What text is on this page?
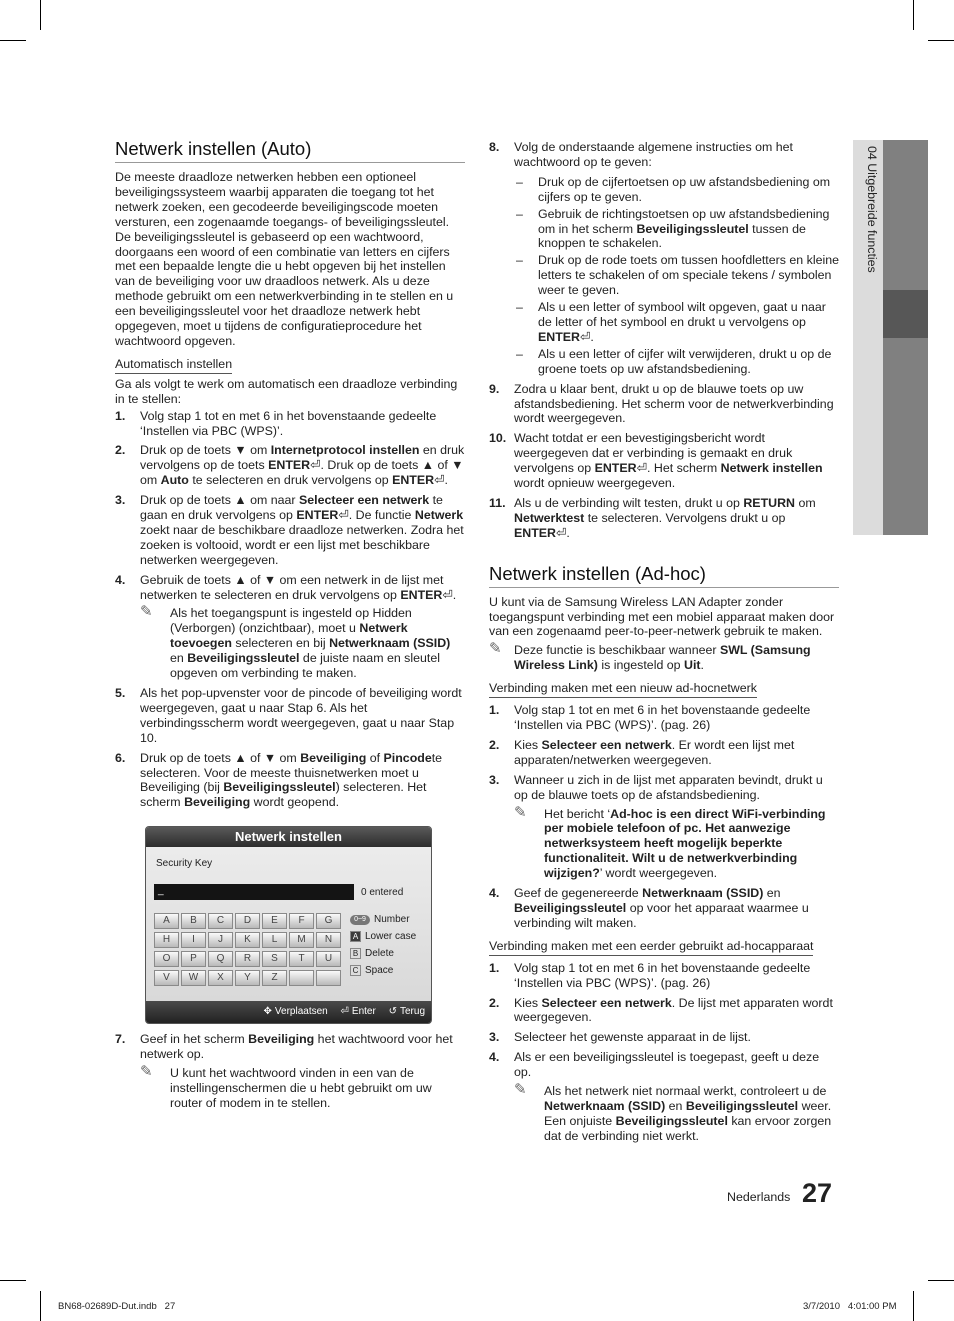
04 Uitgebreide functies
Netwerk instellen (Auto)

De meeste draadloze netwerken hebben een optioneel beveiligingssysteem waarbij apparaten die toegang tot het netwerk zoeken, een gecodeerde beveiligingscode moeten versturen, een zogenaamde toegangs- of beveiligingssleutel. De beveiligingssleutel is gebaseerd op een wachtwoord, doorgaans een woord of een combinatie van letters en cijfers met een bepaalde lengte die u hebt opgeven bij het instellen van de beveiliging voor uw draadloos netwerk. Als u deze methode gebruikt om een netwerkverbinding in te stellen en u een beveiligingssleutel voor het draadloze netwerk hebt opgegeven, moet u tijdens de configuratieprocedure het wachtwoord opgeven.

Automatisch instellen

Ga als volgt te werk om automatisch een draadloze verbinding in te stellen:

1. Volg stap 1 tot en met 6 in het bovenstaande gedeelte ‘Instellen via PBC (WPS)’.
2. Druk op de toets ▼ om Internetprotocol instellen en druk vervolgens op de toets ENTER⏎. Druk op de toets ▲ of ▼ om Auto te selecteren en druk vervolgens op ENTER⏎.
3. Druk op de toets ▲ om naar Selecteer een netwerk te gaan en druk vervolgens op ENTER⏎. De functie Netwerk zoekt naar de beschikbare draadloze netwerken. Zodra het zoeken is voltooid, wordt er een lijst met beschikbare netwerken weergegeven.
4. Gebruik de toets ▲ of ▼ om een netwerk in de lijst met netwerken te selecteren en druk vervolgens op ENTER⏎.
✎ Als het toegangspunt is ingesteld op Hidden (Verborgen) (onzichtbaar), moet u Netwerk toevoegen selecteren en bij Netwerknaam (SSID) en Beveiligingssleutel de juiste naam en sleutel opgeven om verbinding te maken.
5. Als het pop-upvenster voor de pincode of beveiliging wordt weergegeven, gaat u naar Stap 6. Als het verbindingsscherm wordt weergegeven, gaat u naar Stap 10.
6. Druk op de toets ▲ of ▼ om Beveiliging of Pincodete selecteren. Voor de meeste thuisnetwerken moet u Beveiliging (bij Beveiligingssleutel) selecteren. Het scherm Beveiliging wordt geopend.
Netwerk instellen
Security Key
_	0 entered
A	B	C	D	E	F	G
H	I	J	K	L	M	N
O	P	Q	R	S	T	U
V	W	X	Y	Z
0~9 Number
A Lower case
B Delete
C Space
✥ Verplaatsen ⏎ Enter ↺ Terug
7. Geef in het scherm Beveiliging het wachtwoord voor het netwerk op.
✎ U kunt het wachtwoord vinden in een van de instellingenschermen die u hebt gebruikt om uw router of modem in te stellen.
8. Volg de onderstaande algemene instructies om het wachtwoord op te geven:
– Druk op de cijfertoetsen op uw afstandsbediening om cijfers op te geven.
– Gebruik de richtingstoetsen op uw afstandsbediening om in het scherm Beveiligingssleutel tussen de knoppen te schakelen.
– Druk op de rode toets om tussen hoofdletters en kleine letters te schakelen of om speciale tekens / symbolen weer te geven.
– Als u een letter of symbool wilt opgeven, gaat u naar de letter of het symbool en drukt u vervolgens op ENTER⏎.
– Als u een letter of cijfer wilt verwijderen, drukt u op de groene toets op uw afstandsbediening.
9. Zodra u klaar bent, drukt u op de blauwe toets op uw afstandsbediening. Het scherm voor de netwerkverbinding wordt weergegeven.
10. Wacht totdat er een bevestigingsbericht wordt weergegeven dat er verbinding is gemaakt en druk vervolgens op ENTER⏎. Het scherm Netwerk instellen wordt opnieuw weergegeven.
11. Als u de verbinding wilt testen, drukt u op RETURN om Netwerktest te selecteren. Vervolgens drukt u op ENTER⏎.
Netwerk instellen (Ad-hoc)

U kunt via de Samsung Wireless LAN Adapter zonder toegangspunt verbinding met een mobiel apparaat maken door van een zogenaamd peer-to-peer-netwerk gebruik te maken.

✎ Deze functie is beschikbaar wanneer SWL (Samsung Wireless Link) is ingesteld op Uit.
Verbinding maken met een nieuw ad-hocnetwerk
1. Volg stap 1 tot en met 6 in het bovenstaande gedeelte ‘Instellen via PBC (WPS)’. (pag. 26)
2. Kies Selecteer een netwerk. Er wordt een lijst met apparaten/netwerken weergegeven.
3. Wanneer u zich in de lijst met apparaten bevindt, drukt u op de blauwe toets op de afstandsbediening.
✎ Het bericht ‘Ad-hoc is een direct WiFi-verbinding per mobiele telefoon of pc. Het aanwezige netwerksysteem heeft mogelijk beperkte functionaliteit. Wilt u de netwerkverbinding wijzigen?’ wordt weergegeven.
4. Geef de gegenereerde Netwerknaam (SSID) en Beveiligingssleutel op voor het apparaat waarmee u verbinding wilt maken.
Verbinding maken met een eerder gebruikt ad-hocapparaat
1. Volg stap 1 tot en met 6 in het bovenstaande gedeelte ‘Instellen via PBC (WPS)’. (pag. 26)
2. Kies Selecteer een netwerk. De lijst met apparaten wordt weergegeven.
3. Selecteer het gewenste apparaat in de lijst.
4. Als er een beveiligingssleutel is toegepast, geeft u deze op.
✎ Als het netwerk niet normaal werkt, controleert u de Netwerknaam (SSID) en Beveiligingssleutel weer. Een onjuiste Beveiligingssleutel kan ervoor zorgen dat de verbinding niet werkt.
Nederlands 27
BN68-02689D-Dut.indb   27	3/7/2010   4:01:00 PM
